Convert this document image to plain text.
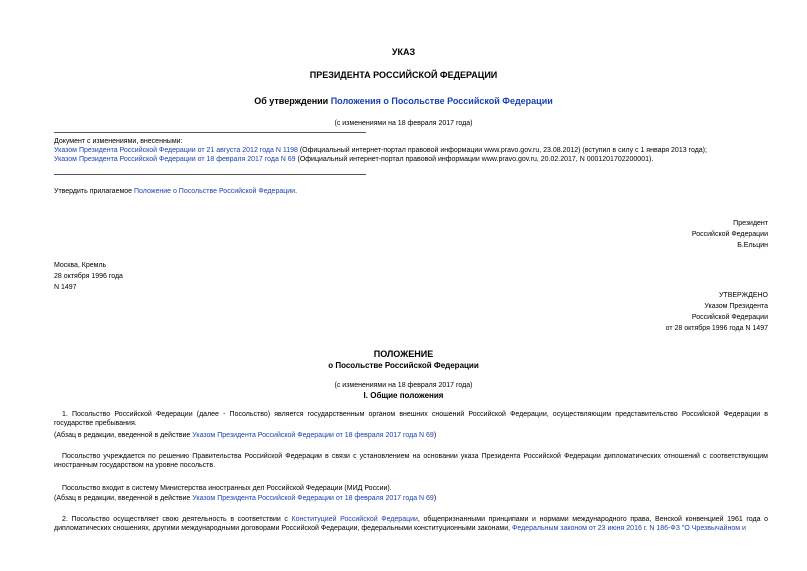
УКАЗ
ПРЕЗИДЕНТА РОССИЙСКОЙ ФЕДЕРАЦИИ
Об утверждении Положения о Посольстве Российской Федерации
(с изменениями на 18 февраля 2017 года)
Документ с изменениями, внесенными:
Указом Президента Российской Федерации от 21 августа 2012 года N 1198 (Официальный интернет-портал правовой информации www.pravo.gov.ru, 23.08.2012) (вступил в силу с 1 января 2013 года);
Указом Президента Российской Федерации от 18 февраля 2017 года N 69 (Официальный интернет-портал правовой информации www.pravo.gov.ru, 20.02.2017, N 0001201702200001).
Утвердить прилагаемое Положение о Посольстве Российской Федерации.
Президент
Российской Федерации
Б.Ельцин
Москва, Кремль
28 октября 1996 года
N 1497
УТВЕРЖДЕНО
Указом Президента
Российской Федерации
от 28 октября 1996 года N 1497
ПОЛОЖЕНИЕ
о Посольстве Российской Федерации
(с изменениями на 18 февраля 2017 года)
I. Общие положения
1. Посольство Российской Федерации (далее - Посольство) является государственным органом внешних сношений Российской Федерации, осуществляющим представительство Российской Федерации в государстве пребывания.
(Абзац в редакции, введенной в действие Указом Президента Российской Федерации от 18 февраля 2017 года N 69)
Посольство учреждается по решению Правительства Российской Федерации в связи с установлением на основании указа Президента Российской Федерации дипломатических отношений с соответствующим иностранным государством на уровне посольств.
Посольство входит в систему Министерства иностранных дел Российской Федерации (МИД России).
(Абзац в редакции, введенной в действие Указом Президента Российской Федерации от 18 февраля 2017 года N 69)
2. Посольство осуществляет свою деятельность в соответствии с Конституцией Российской Федерации, общепризнанными принципами и нормами международного права, Венской конвенцией 1961 года о дипломатических сношениях, другими международными договорами Российской Федерации, федеральными конституционными законами, Федеральным законом от 23 июня 2016 г. N 186-ФЗ "О Чрезвычайном и
